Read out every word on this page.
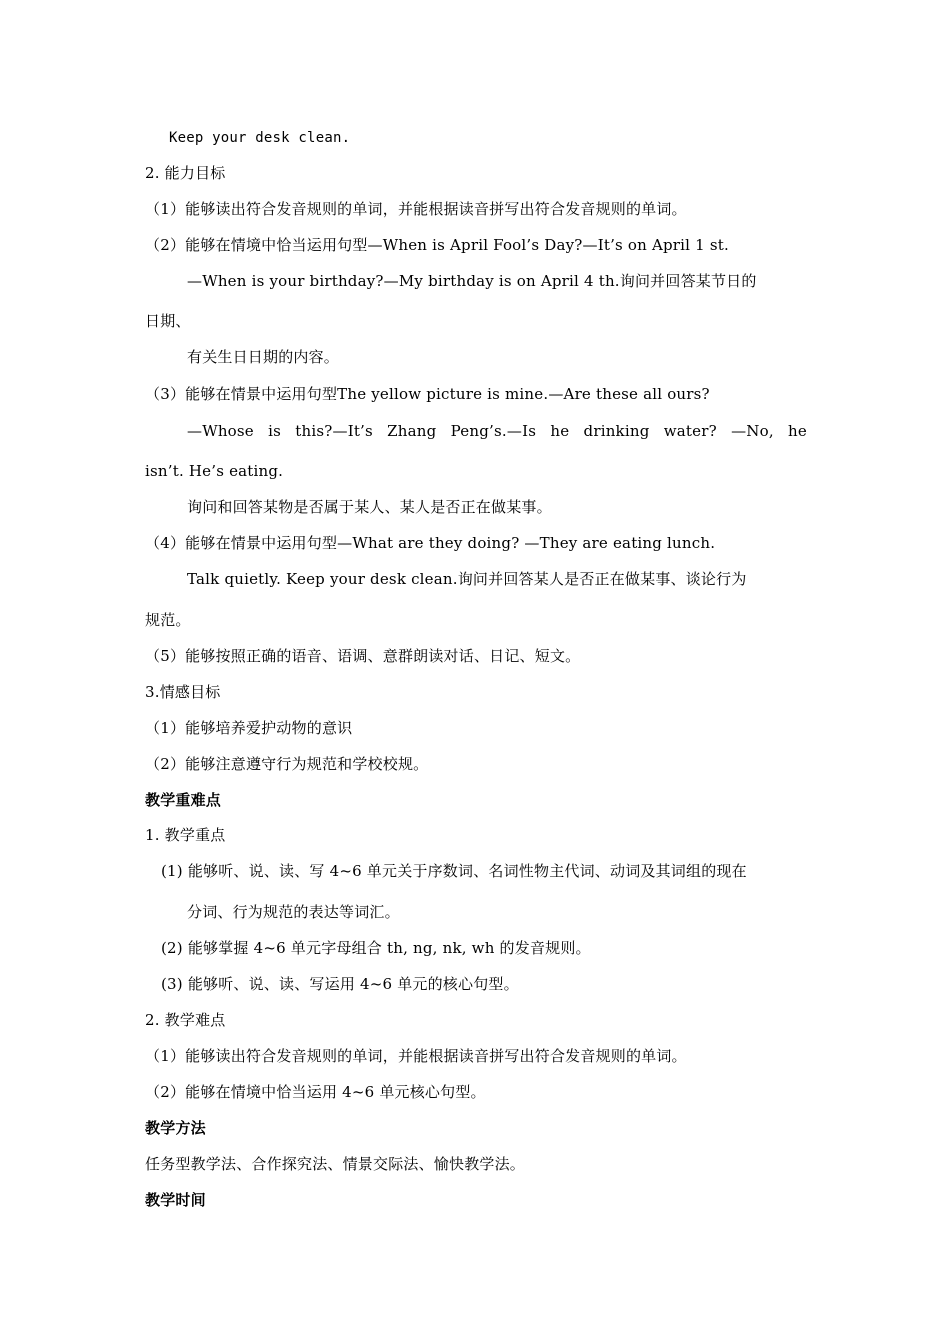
Keep your desk clean.
2. 能力目标
（1）能够读出符合发音规则的单词，并能根据读音拼写出符合发音规则的单词。
（2）能够在情境中恰当运用句型—When is April Fool’s Day?—It’s on April 1 st.
—When is your birthday?—My birthday is on April 4 th.询问并回答某节日的
日期、
有关生日日期的内容。
（3）能够在情景中运用句型The yellow picture is mine.—Are these all ours?
—Whose is this?—It’s Zhang Peng’s.—Is he drinking water? —No, he
isn’t. He’s eating.
询问和回答某物是否属于某人、某人是否正在做某事。
（4）能够在情景中运用句型—What are they doing? —They are eating lunch.
Talk quietly. Keep your desk clean.询问并回答某人是否正在做某事、谈论行为
规范。
（5）能够按照正确的语音、语调、意群朗读对话、日记、短文。
3.情感目标
（1）能够培养爱护动物的意识
（2）能够注意遵守行为规范和学校校规。
教学重难点
1. 教学重点
(1) 能够听、说、读、写 4~6 单元关于序数词、名词性物主代词、动词及其词组的现在
分词、行为规范的表达等词汇。
(2) 能够掌握 4~6 单元字母组合 th, ng, nk, wh 的发音规则。
(3) 能够听、说、读、写运用 4~6 单元的核心句型。
2. 教学难点
（1）能够读出符合发音规则的单词，并能根据读音拼写出符合发音规则的单词。
（2）能够在情境中恰当运用 4~6 单元核心句型。
教学方法
任务型教学法、合作探究法、情景交际法、愉快教学法。
教学时间
